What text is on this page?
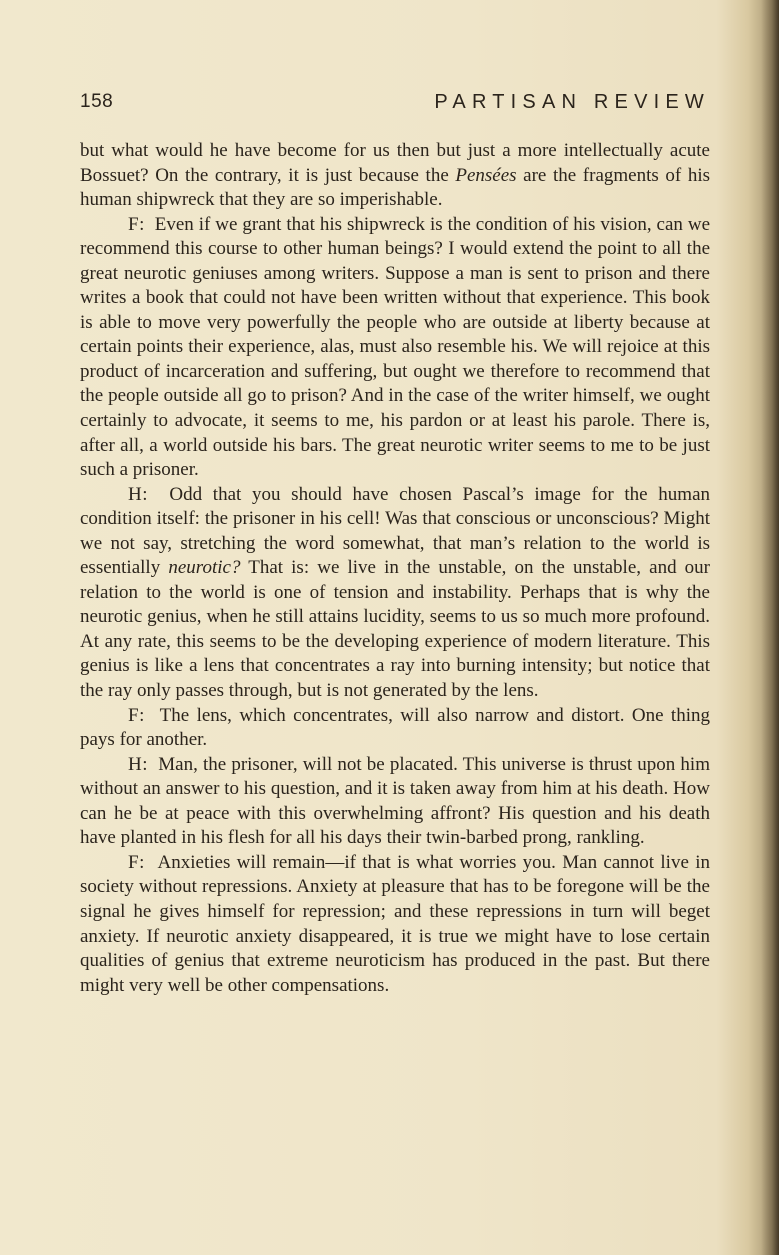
158	PARTISAN REVIEW

but what would he have become for us then but just a more intellectually acute Bossuet? On the contrary, it is just because the Pensées are the fragments of his human shipwreck that they are so imperishable.

F: Even if we grant that his shipwreck is the condition of his vision, can we recommend this course to other human beings? I would extend the point to all the great neurotic geniuses among writers. Suppose a man is sent to prison and there writes a book that could not have been written without that experience. This book is able to move very powerfully the people who are outside at liberty because at certain points their experience, alas, must also resemble his. We will rejoice at this product of incarceration and suffering, but ought we therefore to recommend that the people outside all go to prison? And in the case of the writer himself, we ought certainly to advocate, it seems to me, his pardon or at least his parole. There is, after all, a world outside his bars. The great neurotic writer seems to me to be just such a prisoner.

H: Odd that you should have chosen Pascal’s image for the human condition itself: the prisoner in his cell! Was that conscious or unconscious? Might we not say, stretching the word somewhat, that man’s relation to the world is essentially neurotic? That is: we live in the unstable, on the unstable, and our relation to the world is one of tension and instability. Perhaps that is why the neurotic genius, when he still attains lucidity, seems to us so much more profound. At any rate, this seems to be the developing experience of modern literature. This genius is like a lens that concentrates a ray into burning intensity; but notice that the ray only passes through, but is not generated by the lens.

F: The lens, which concentrates, will also narrow and distort. One thing pays for another.

H: Man, the prisoner, will not be placated. This universe is thrust upon him without an answer to his question, and it is taken away from him at his death. How can he be at peace with this overwhelming affront? His question and his death have planted in his flesh for all his days their twin-barbed prong, rankling.

F: Anxieties will remain—if that is what worries you. Man cannot live in society without repressions. Anxiety at pleasure that has to be foregone will be the signal he gives himself for repression; and these repressions in turn will beget anxiety. If neurotic anxiety disappeared, it is true we might have to lose certain qualities of genius that extreme neuroticism has produced in the past. But there might very well be other compensations.
